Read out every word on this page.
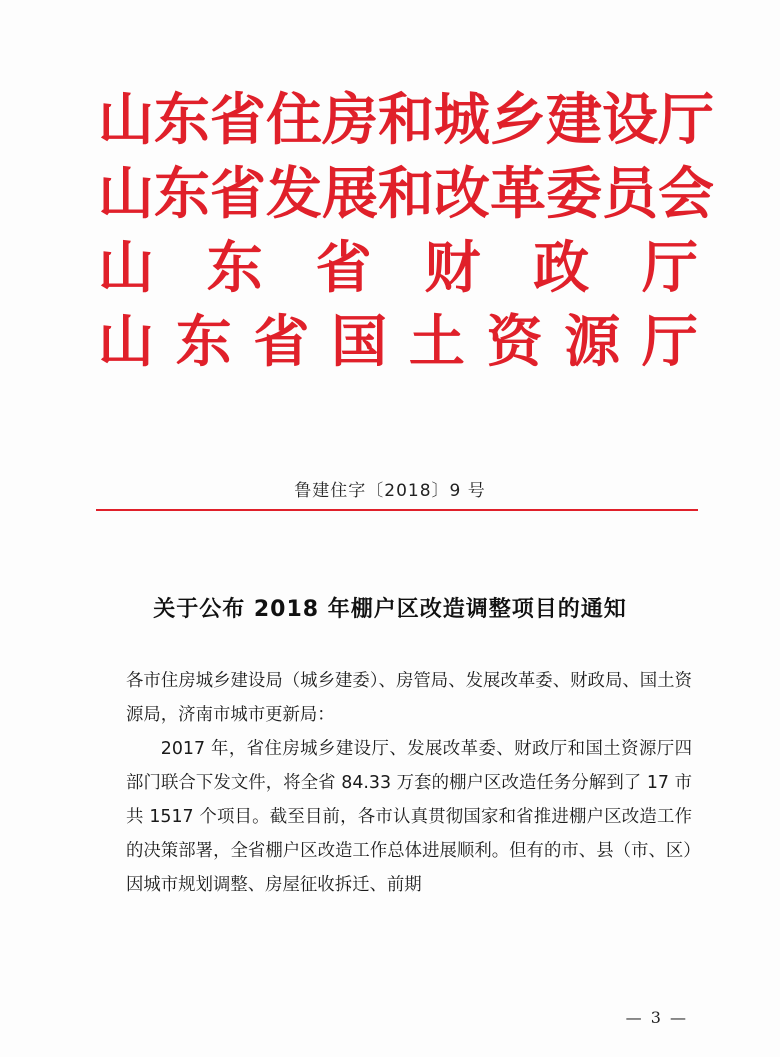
山 东 省 住 房 和 城 乡 建 设 厅
山 东 省 发 展 和 改 革 委 员 会
山 东 省 财 政 厅
山 东 省 国 土 资 源 厅
鲁建住字〔2018〕9 号
关于公布 2018 年棚户区改造调整项目的通知

各市住房城乡建设局（城乡建委）、房管局、发展改革委、财政局、国土资源局，济南市城市更新局：

2017 年，省住房城乡建设厅、发展改革委、财政厅和国土资源厅四部门联合下发文件，将全省 84.33 万套的棚户区改造任务分解到了 17 市共 1517 个项目。截至目前，各市认真贯彻国家和省推进棚户区改造工作的决策部署，全省棚户区改造工作总体进展顺利。但有的市、县（市、区）因城市规划调整、房屋征收拆迁、前期

— 3 —
